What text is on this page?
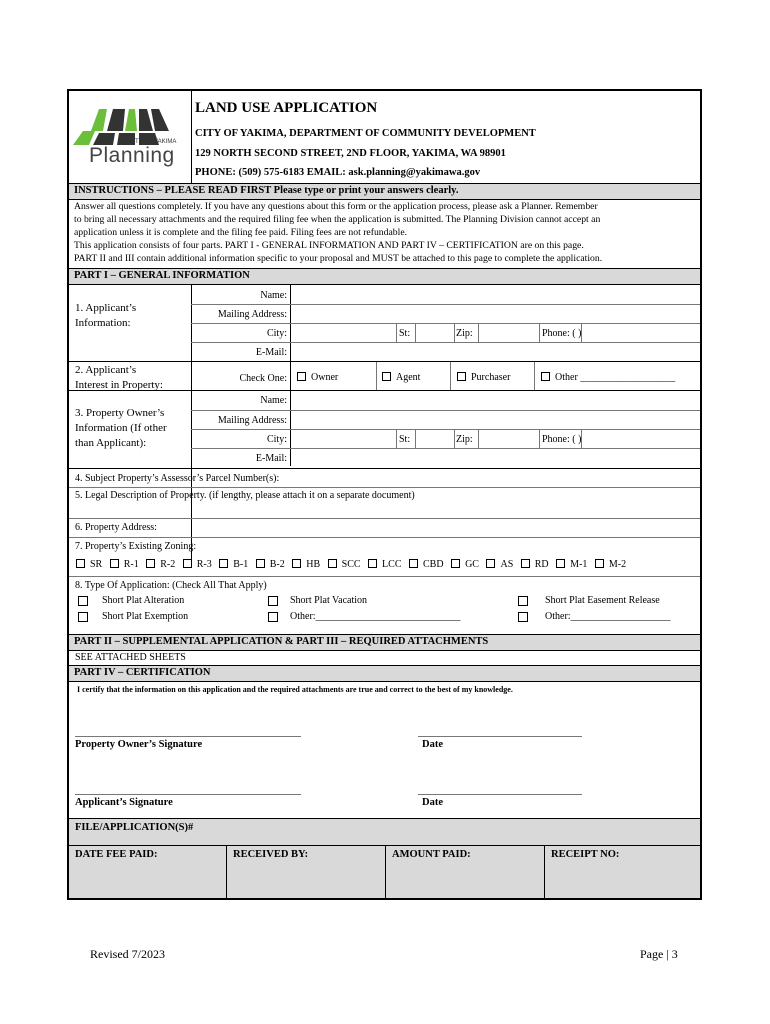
CITY OF YAKIMA
Planning
LAND USE APPLICATION
CITY OF YAKIMA, DEPARTMENT OF COMMUNITY DEVELOPMENT
129 NORTH SECOND STREET, 2ND FLOOR, YAKIMA, WA 98901
PHONE: (509) 575-6183 EMAIL: ask.planning@yakimawa.gov
INSTRUCTIONS – PLEASE READ FIRST Please type or print your answers clearly.
Answer all questions completely. If you have any questions about this form or the application process, please ask a Planner. Remember
to bring all necessary attachments and the required filing fee when the application is submitted. The Planning Division cannot accept an
application unless it is complete and the filing fee paid. Filing fees are not refundable.
This application consists of four parts. PART I - GENERAL INFORMATION AND PART IV – CERTIFICATION are on this page.
PART II and III contain additional information specific to your proposal and MUST be attached to this page to complete the application.
PART I – GENERAL INFORMATION
1. Applicant’s
Information:
Name:
Mailing Address:
City:	St:	Zip:	Phone: ( )
E-Mail:
2. Applicant’s
Interest in Property:
Check One:	Owner	Agent	Purchaser	Other ___________________
3. Property Owner’s
Information (If other
than Applicant):
Name:
Mailing Address:
City:	St:	Zip:	Phone: ( )
E-Mail:
4. Subject Property’s Assessor’s Parcel Number(s):
5. Legal Description of Property. (if lengthy, please attach it on a separate document)
6. Property Address:
7. Property’s Existing Zoning:
SR R-1 R-2 R-3 B-1 B-2 HB SCC LCC CBD GC AS RD M-1 M-2
8. Type Of Application: (Check All That Apply)
Short Plat Alteration	Short Plat Vacation	Short Plat Easement Release
Short Plat Exemption	Other:_____________________________	Other:____________________
PART II – SUPPLEMENTAL APPLICATION & PART III – REQUIRED ATTACHMENTS
SEE ATTACHED SHEETS
PART IV – CERTIFICATION
I certify that the information on this application and the required attachments are true and correct to the best of my knowledge.
Property Owner’s Signature	Date
Applicant’s Signature	Date
FILE/APPLICATION(S)#
DATE FEE PAID:	RECEIVED BY:	AMOUNT PAID:	RECEIPT NO:
Revised 7/2023	Page | 3
